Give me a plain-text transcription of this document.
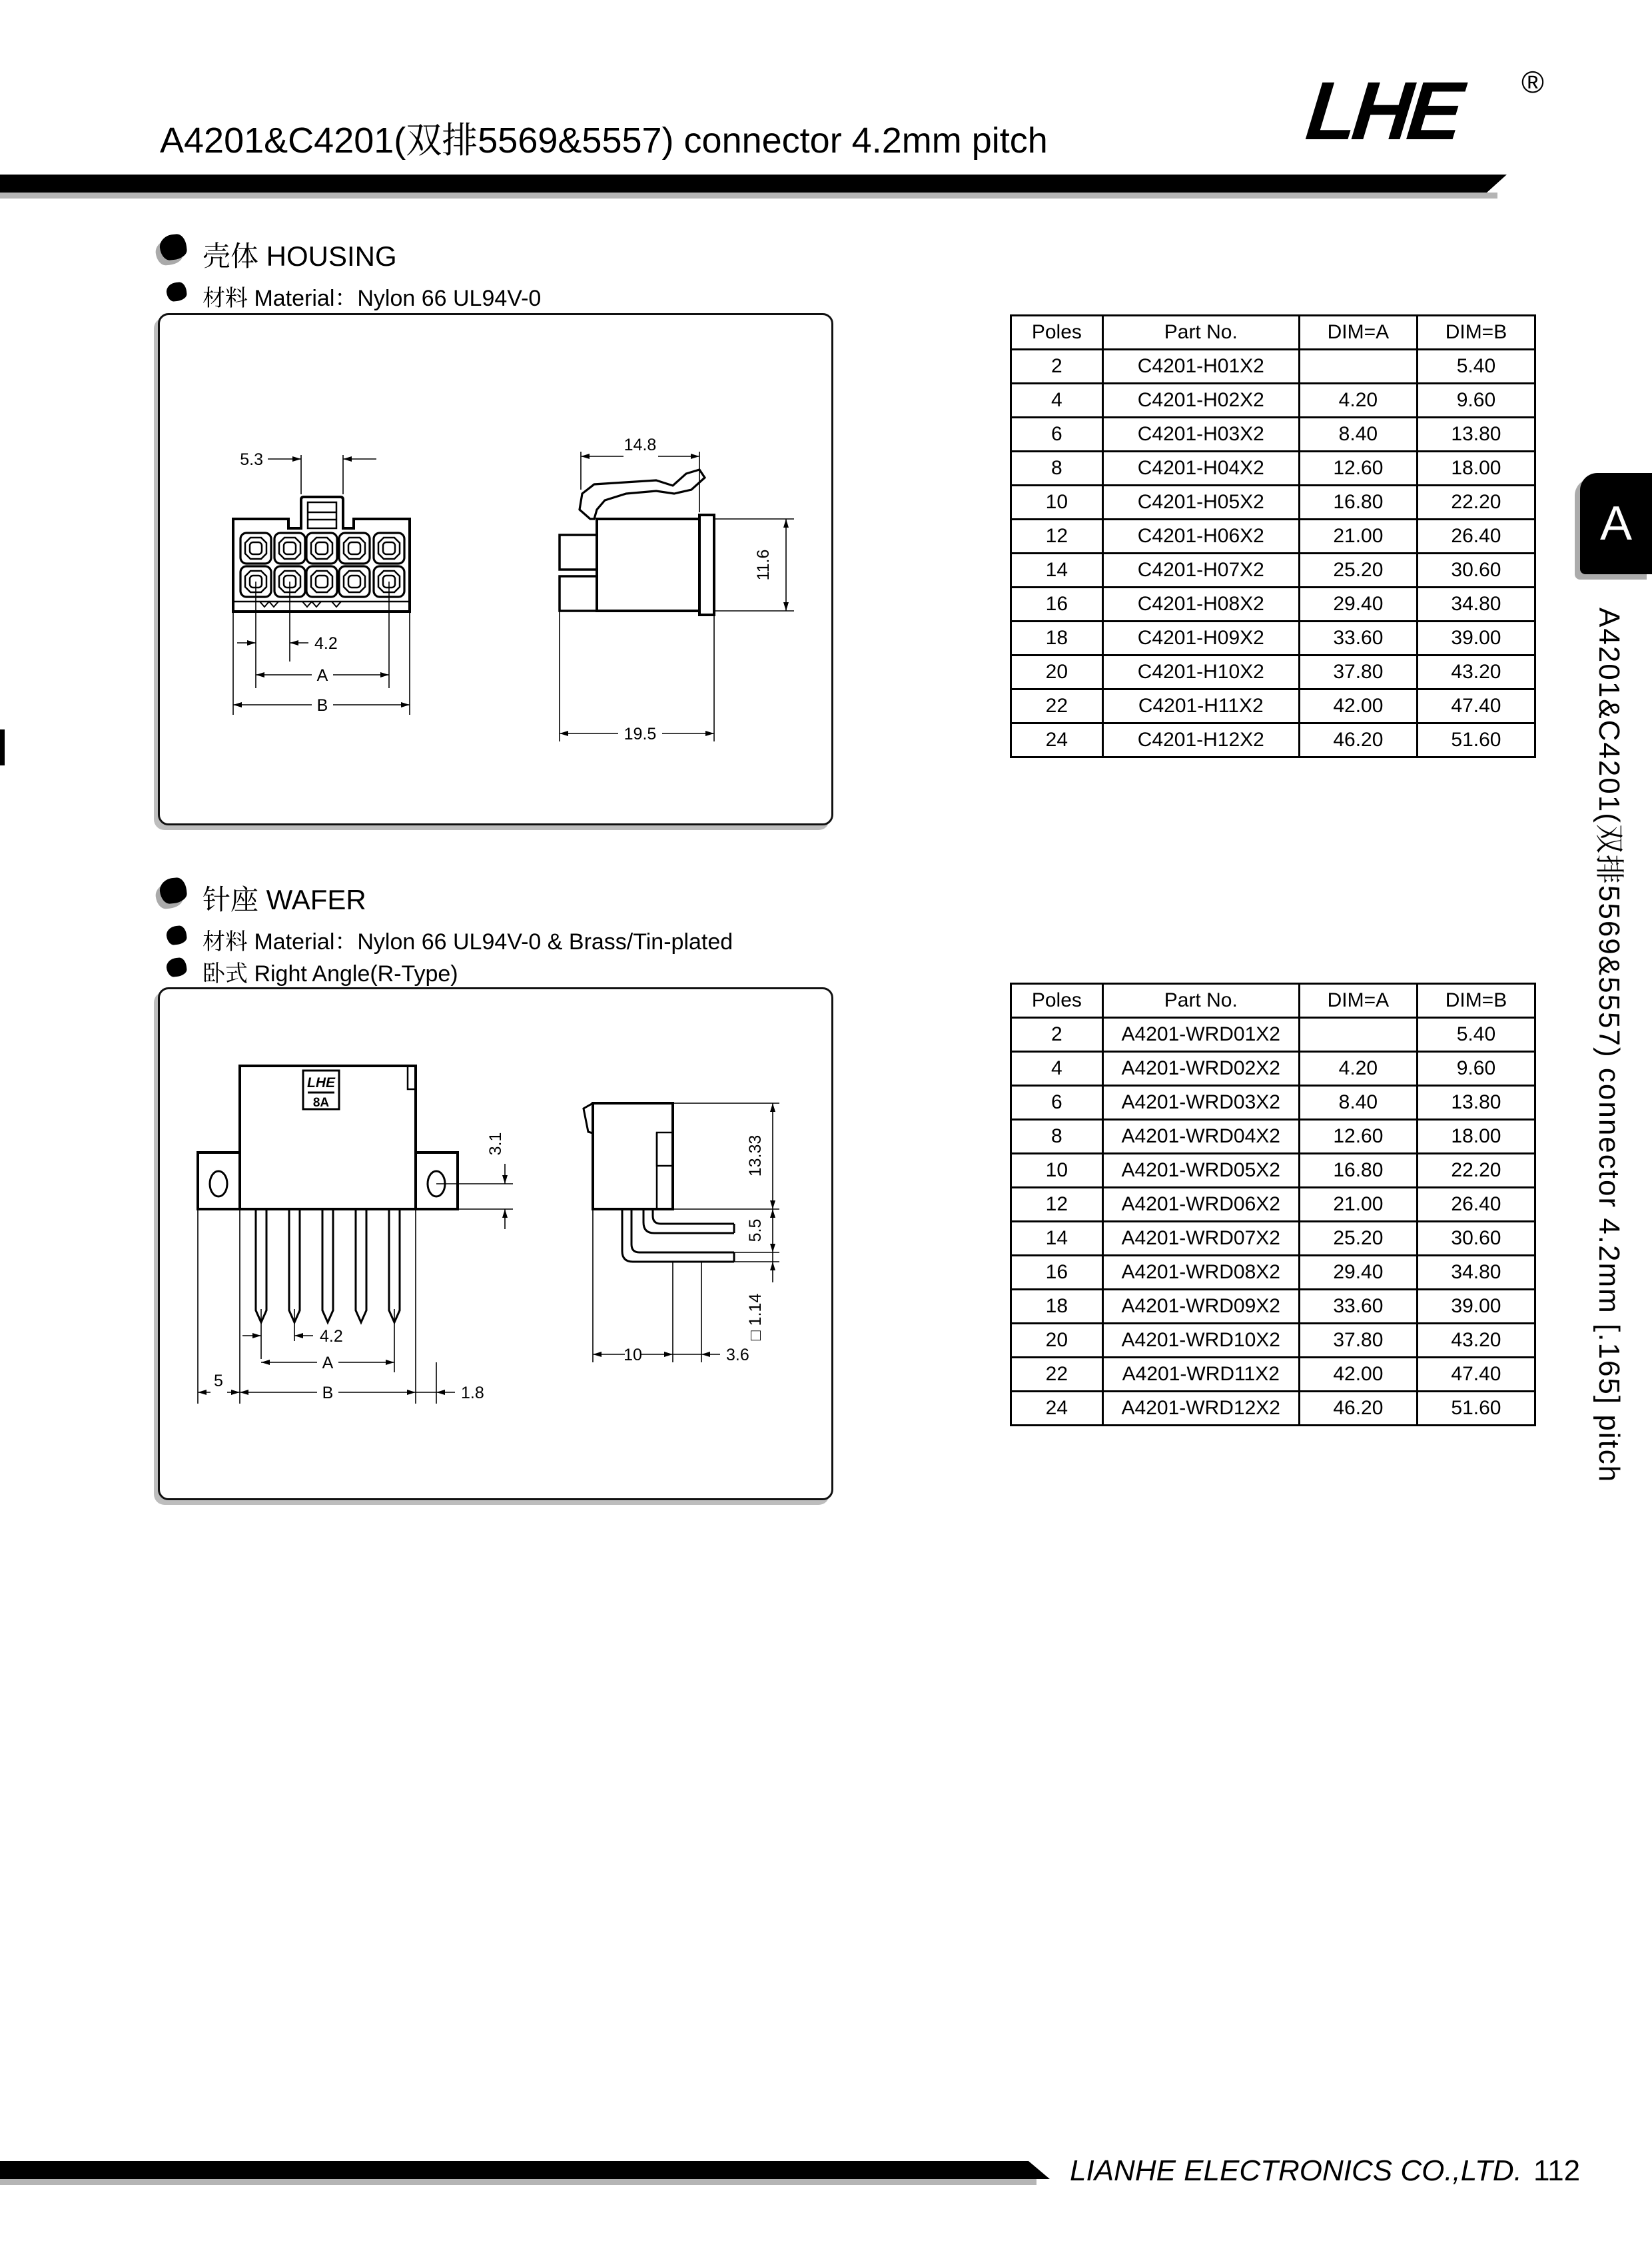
A4201&C4201(双排5569&5557) connector 4.2mm pitch	LHE ®
壳体 HOUSING
材料 Material：Nylon 66 UL94V-0
5.3
4.2
A
B
14.8
11.6
19.5
Poles	Part No.	DIM=A	DIM=B
2	C4201-H01X2		5.40
4	C4201-H02X2	4.20	9.60
6	C4201-H03X2	8.40	13.80
8	C4201-H04X2	12.60	18.00
10	C4201-H05X2	16.80	22.20
12	C4201-H06X2	21.00	26.40
14	C4201-H07X2	25.20	30.60
16	C4201-H08X2	29.40	34.80
18	C4201-H09X2	33.60	39.00
20	C4201-H10X2	37.80	43.20
22	C4201-H11X2	42.00	47.40
24	C4201-H12X2	46.20	51.60
针座 WAFER
材料 Material：Nylon 66 UL94V-0 & Brass/Tin-plated
卧式 Right Angle(R-Type)
LHE
8A
3.1
4.2
A
B
5
1.8
13.33
5.5
□ 1.14
10	3.6
Poles	Part No.	DIM=A	DIM=B
2	A4201-WRD01X2		5.40
4	A4201-WRD02X2	4.20	9.60
6	A4201-WRD03X2	8.40	13.80
8	A4201-WRD04X2	12.60	18.00
10	A4201-WRD05X2	16.80	22.20
12	A4201-WRD06X2	21.00	26.40
14	A4201-WRD07X2	25.20	30.60
16	A4201-WRD08X2	29.40	34.80
18	A4201-WRD09X2	33.60	39.00
20	A4201-WRD10X2	37.80	43.20
22	A4201-WRD11X2	42.00	47.40
24	A4201-WRD12X2	46.20	51.60
A
A4201&C4201(双排5569&5557) connector 4.2mm [.165] pitch
LIANHE ELECTRONICS CO.,LTD. 112
